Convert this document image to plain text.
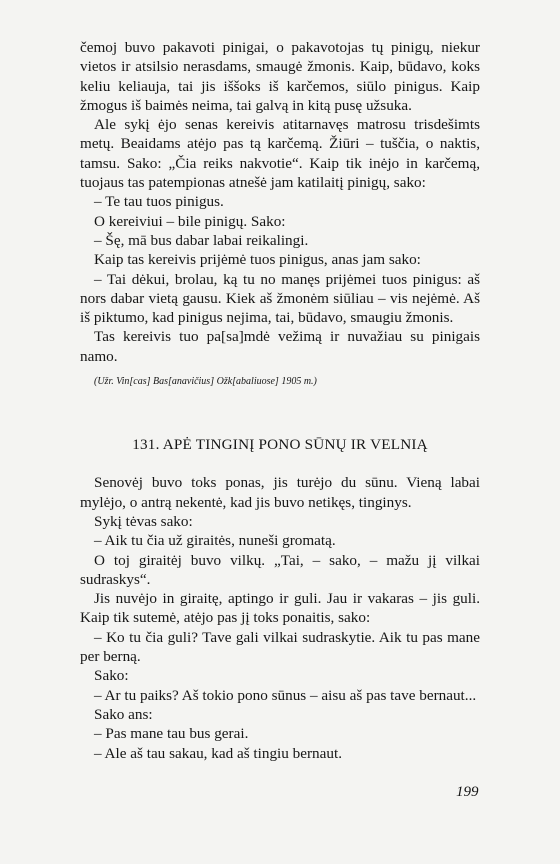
čemoj buvo pakavoti pinigai, o pakavotojas tų pinigų, niekur vietos ir atsilsio nerasdams, smaugė žmonis. Kaip, būdavo, koks keliu keliauja, tai jis iššoks iš karčemos, siūlo pinigus. Kaip žmogus iš baimės neima, tai galvą in kitą pusę užsuka.

Ale sykį ėjo senas kereivis atitarnavęs matrosu trisdešimts metų. Beaidams atėjo pas tą karčemą. Žiūri – tuščia, o naktis, tamsu. Sako: „Čia reiks nakvotie“. Kaip tik inėjo in karčemą, tuojaus tas patempionas atnešė jam katilaitį pinigų, sako:

– Te tau tuos pinigus.

O kereiviui – bile pinigų. Sako:

– Šę, mā bus dabar labai reikalingi.

Kaip tas kereivis prijėmė tuos pinigus, anas jam sako:

– Tai dėkui, brolau, ką tu no manęs prijėmei tuos pinigus: aš nors dabar vietą gausu. Kiek aš žmonėm siūliau – vis nejėmė. Aš iš piktumo, kad pinigus nejima, tai, būdavo, smaugiu žmonis.

Tas kereivis tuo pa[sa]mdė vežimą ir nuvažiau su pinigais namo.

(Užr. Vin[cas] Bas[anavičius] Ožk[abaliuose] 1905 m.)

131. APĖ TINGINĮ PONO SŪNŲ IR VELNIĄ

Senovėj buvo toks ponas, jis turėjo du sūnu. Vieną labai mylėjo, o antrą nekentė, kad jis buvo netikęs, tinginys.

Sykį tėvas sako:

– Aik tu čia už giraitės, nuneši gromatą.

O toj giraitėj buvo vilkų. „Tai, – sako, – mažu jį vilkai sudraskys“.

Jis nuvėjo in giraitę, aptingo ir guli. Jau ir vakaras – jis guli. Kaip tik sutemė, atėjo pas jį toks ponaitis, sako:

– Ko tu čia guli? Tave gali vilkai sudraskytie. Aik tu pas mane per berną.

Sako:

– Ar tu paiks? Aš tokio pono sūnus – aisu aš pas tave bernaut...

Sako ans:

– Pas mane tau bus gerai.

– Ale aš tau sakau, kad aš tingiu bernaut.

199
